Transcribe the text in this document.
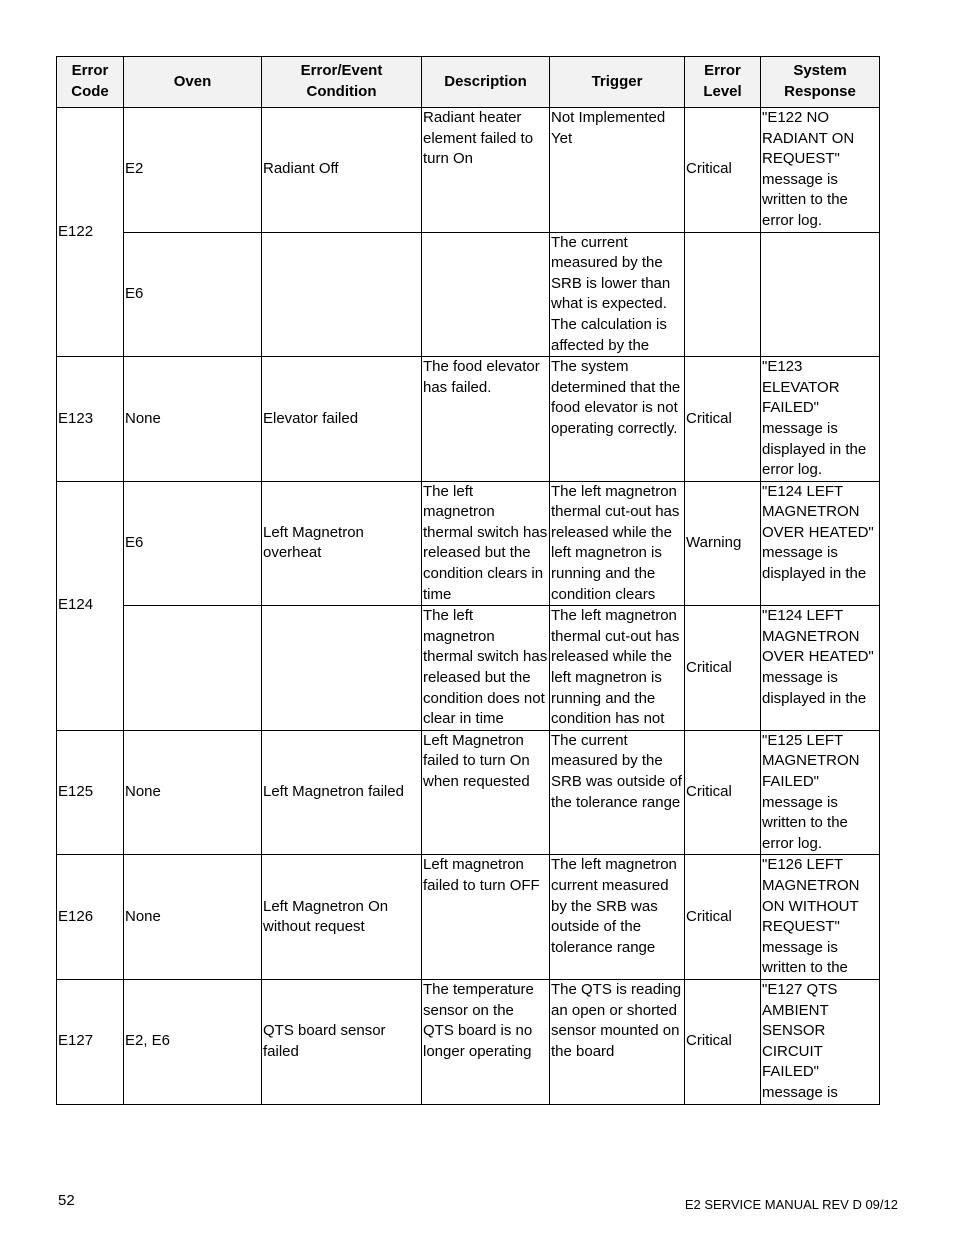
Error Code	Oven	Error/Event Condition	Description	Trigger	Error Level	System Response
E122	E2	Radiant Off	Radiant heater element failed to turn On	Not Implemented Yet	Critical	"E122 NO RADIANT ON REQUEST" message is written to the error log.
	E6			The current measured by the SRB is lower than what is expected. The calculation is affected by the		
E123	None	Elevator failed	The food elevator has failed.	The system determined that the food elevator is not operating correctly.	Critical	"E123 ELEVATOR FAILED" message is displayed in the error log.
E124	E6	Left Magnetron overheat	The left magnetron thermal switch has released but the condition clears in time	The left magnetron thermal cut-out has released while the left magnetron is running and the condition clears	Warning	"E124 LEFT MAGNETRON OVER HEATED" message is displayed in the
			The left magnetron thermal switch has released but the condition does not clear in time	The left magnetron thermal cut-out has released while the left magnetron is running and the condition has not	Critical	"E124 LEFT MAGNETRON OVER HEATED" message is displayed in the
E125	None	Left Magnetron failed	Left Magnetron failed to turn On when requested	The current measured by the SRB was outside of the tolerance range	Critical	"E125 LEFT MAGNETRON FAILED" message is written to the error log.
E126	None	Left Magnetron On without request	Left magnetron failed to turn OFF	The left magnetron current measured by the SRB was outside of the tolerance range	Critical	"E126 LEFT MAGNETRON ON WITHOUT REQUEST" message is written to the
E127	E2, E6	QTS board sensor failed	The temperature sensor on the QTS board is no longer operating	The QTS is reading an open or shorted sensor mounted on the board	Critical	"E127 QTS AMBIENT SENSOR CIRCUIT FAILED" message is
52	E2 SERVICE MANUAL REV D 09/12
